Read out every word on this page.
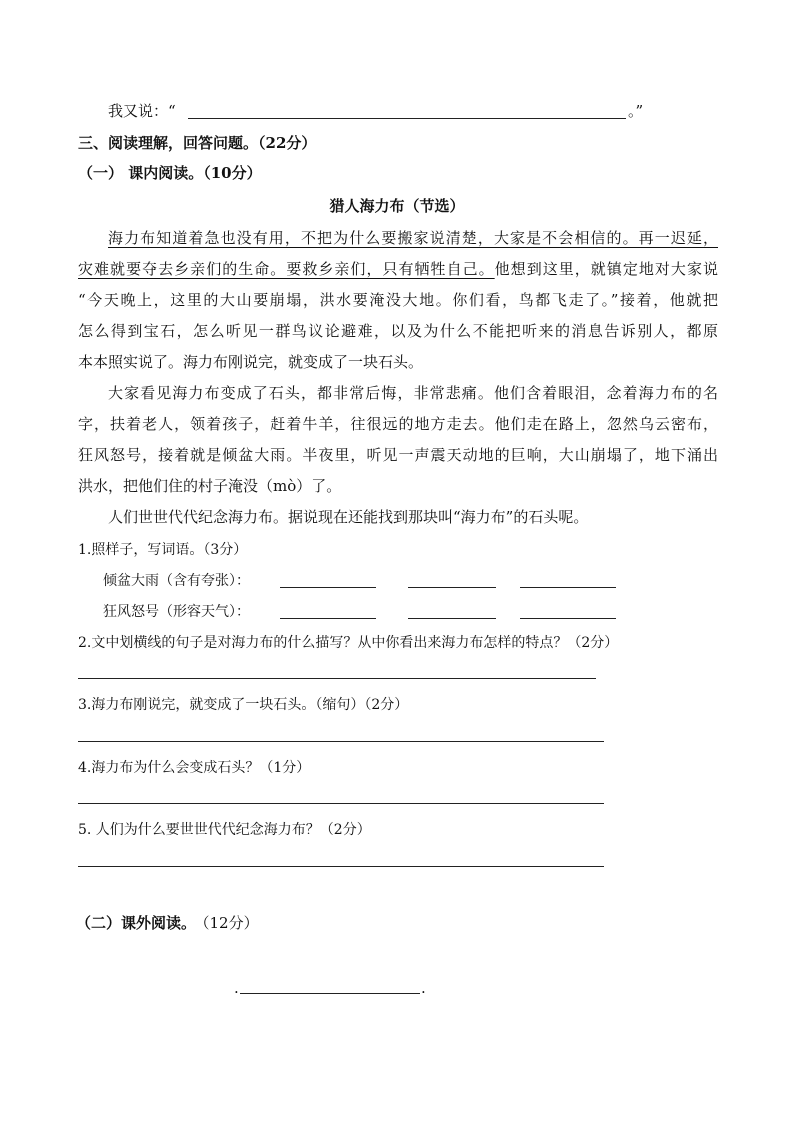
我又说：“	。”
三、阅读理解，回答问题。（22分）
（一） 课内阅读。（10分）
猎人海力布（节选）
海力布知道着急也没有用，不把为什么要搬家说清楚，大家是不会相信的。再一迟延，
灾难就要夺去乡亲们的生命。要救乡亲们，只有牺牲自己。他想到这里，就镇定地对大家说
“今天晚上，这里的大山要崩塌，洪水要淹没大地。你们看，鸟都飞走了。”接着，他就把
怎么得到宝石，怎么听见一群鸟议论避难，以及为什么不能把听来的消息告诉别人，都原
本本照实说了。海力布刚说完，就变成了一块石头。
大家看见海力布变成了石头，都非常后悔，非常悲痛。他们含着眼泪，念着海力布的名
字，扶着老人，领着孩子，赶着牛羊，往很远的地方走去。他们走在路上，忽然乌云密布，
狂风怒号，接着就是倾盆大雨。半夜里，听见一声震天动地的巨响，大山崩塌了，地下涌出
洪水，把他们住的村子淹没（mò）了。
人们世世代代纪念海力布。据说现在还能找到那块叫“海力布”的石头呢。
1.照样子，写词语。（3分）
倾盆大雨（含有夸张）：
狂风怒号（形容天气）：
2.文中划横线的句子是对海力布的什么描写？从中你看出来海力布怎样的特点？（2分）
3.海力布刚说完，就变成了一块石头。（缩句）（2分）
4.海力布为什么会变成石头？（1分）
5. 人们为什么要世世代代纪念海力布？（2分）
（二）课外阅读。 （12分）
.	.
